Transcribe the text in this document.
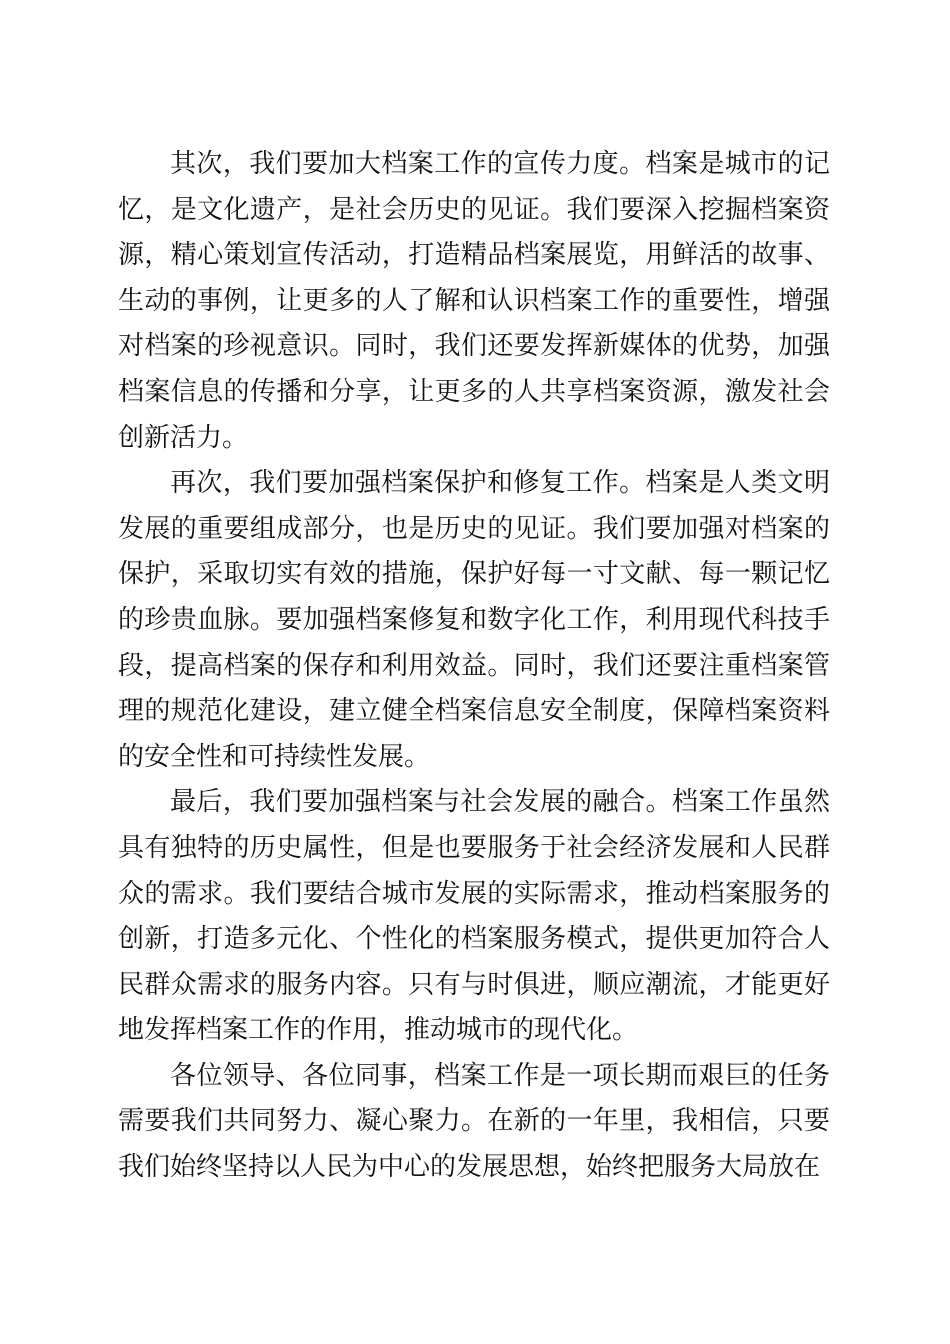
其次，我们要加大档案工作的宣传力度。档案是城市的记忆，是文化遗产，是社会历史的见证。我们要深入挖掘档案资源，精心策划宣传活动，打造精品档案展览，用鲜活的故事、生动的事例，让更多的人了解和认识档案工作的重要性，增强对档案的珍视意识。同时，我们还要发挥新媒体的优势，加强档案信息的传播和分享，让更多的人共享档案资源，激发社会创新活力。

再次，我们要加强档案保护和修复工作。档案是人类文明发展的重要组成部分，也是历史的见证。我们要加强对档案的保护，采取切实有效的措施，保护好每一寸文献、每一颗记忆的珍贵血脉。要加强档案修复和数字化工作，利用现代科技手段，提高档案的保存和利用效益。同时，我们还要注重档案管理的规范化建设，建立健全档案信息安全制度，保障档案资料的安全性和可持续性发展。

最后，我们要加强档案与社会发展的融合。档案工作虽然具有独特的历史属性，但是也要服务于社会经济发展和人民群众的需求。我们要结合城市发展的实际需求，推动档案服务的创新，打造多元化、个性化的档案服务模式，提供更加符合人民群众需求的服务内容。只有与时俱进，顺应潮流，才能更好地发挥档案工作的作用，推动城市的现代化。

各位领导、各位同事，档案工作是一项长期而艰巨的任务需要我们共同努力、凝心聚力。在新的一年里，我相信，只要我们始终坚持以人民为中心的发展思想，始终把服务大局放在
